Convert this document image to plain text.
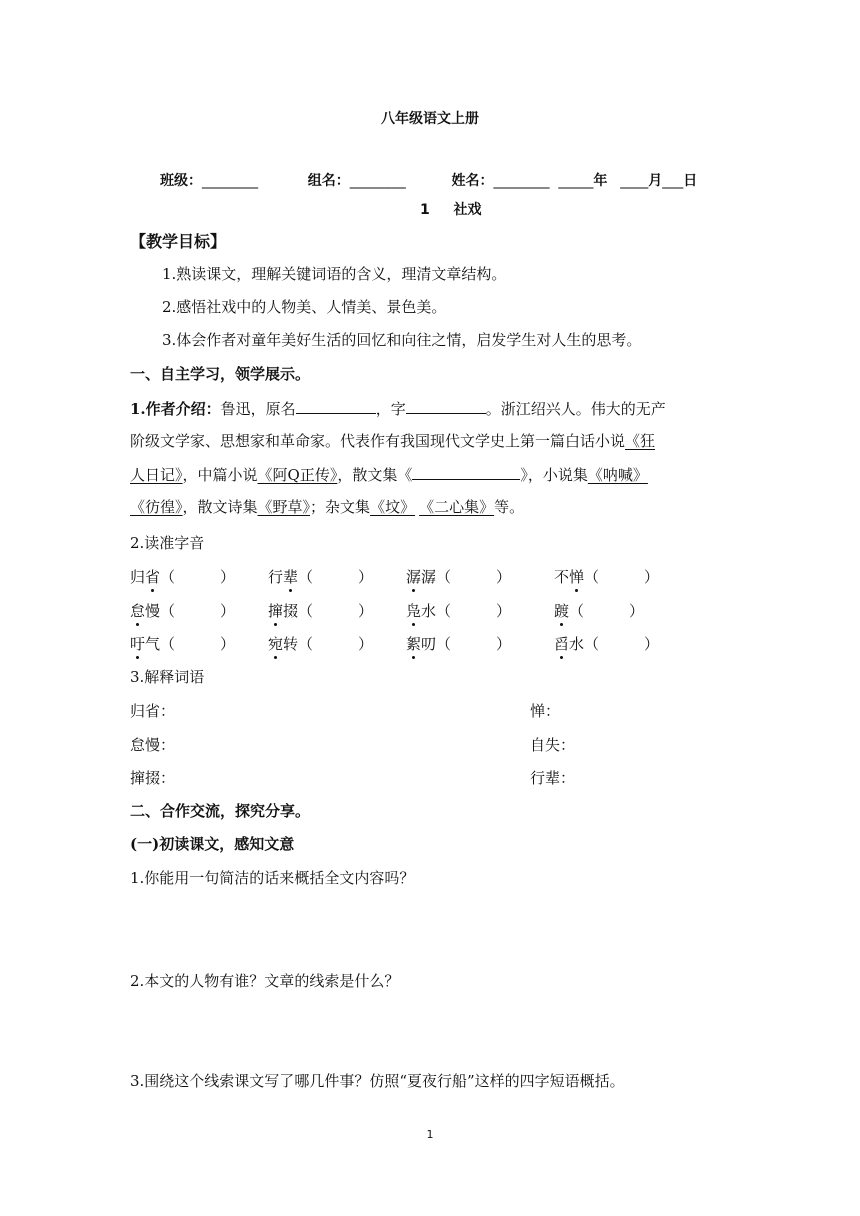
八年级语文上册
班级：________	组名：________	姓名：________ _____年 ____月___日
1 社戏
【教学目标】
1.熟读课文，理解关键词语的含义，理清文章结构。
2.感悟社戏中的人物美、人情美、景色美。
3.体会作者对童年美好生活的回忆和向往之情，启发学生对人生的思考。
一、自主学习，领学展示。
1.作者介绍：鲁迅，原名	，字	。浙江绍兴人。伟大的无产
阶级文学家、思想家和革命家。代表作有我国现代文学史上第一篇白话小说《狂
人日记》，中篇小说《阿Q正传》，散文集《	》，小说集《呐喊》
《彷徨》，散文诗集《野草》；杂文集《坟》 《二心集》等。
2.读准字音
归省（　　　） 行辈（　　　） 潺潺（　　　）	不惮（　　　）
怠慢（　　　） 撺掇（　　　） 凫水（　　　）	踱（　　　）
吁气（　　　） 宛转（　　　） 絮叨（　　　）	舀水（　　　）
3.解释词语
归省：	惮：
怠慢：	自失：
撺掇：	行辈：
二、合作交流，探究分享。
(一)初读课文，感知文意
1.你能用一句简洁的话来概括全文内容吗？
2.本文的人物有谁？文章的线索是什么？
3.围绕这个线索课文写了哪几件事？仿照“夏夜行船”这样的四字短语概括。
1
